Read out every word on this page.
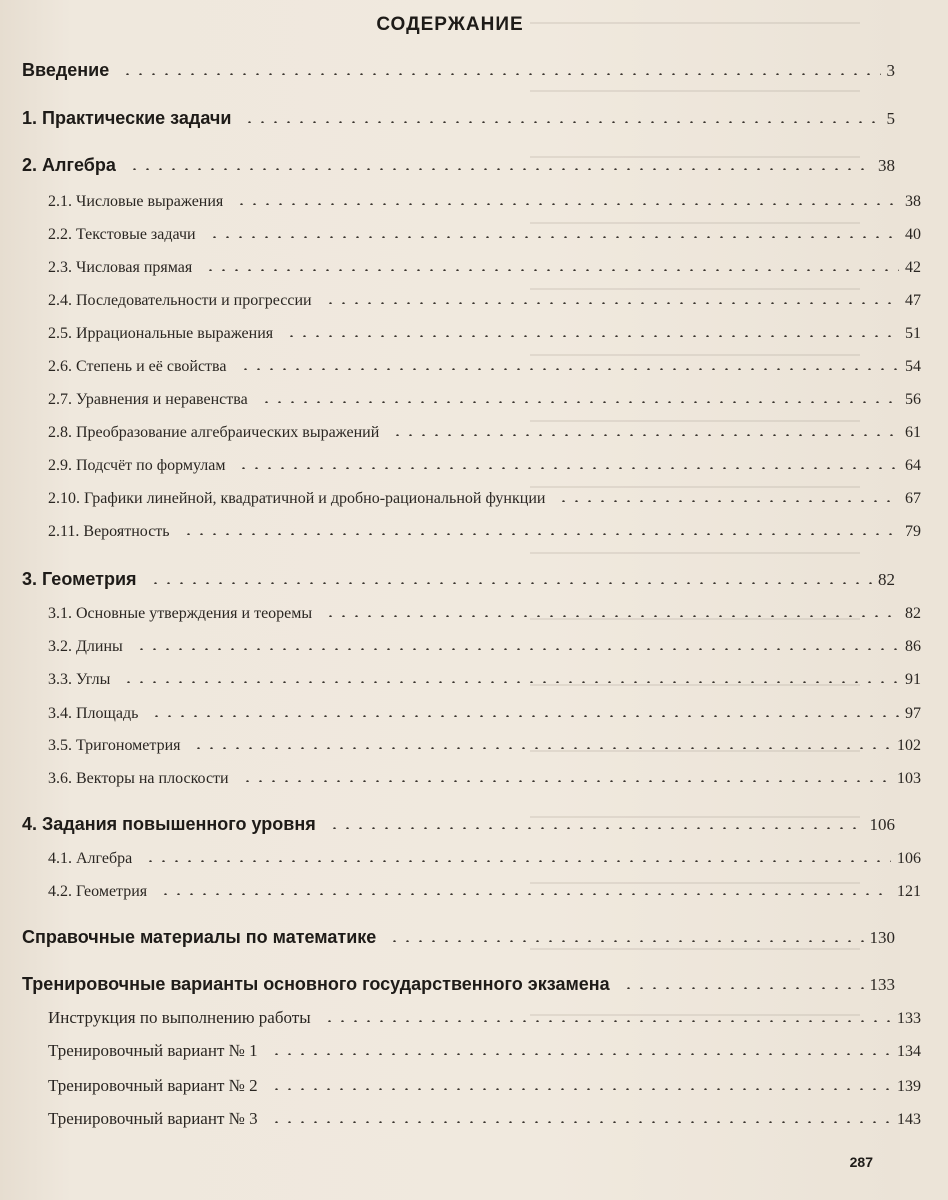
СОДЕРЖАНИЕ
Введение	3
1. Практические задачи	5
2. Алгебра	38
2.1. Числовые выражения	38
2.2. Текстовые задачи	40
2.3. Числовая прямая	42
2.4. Последовательности и прогрессии	47
2.5. Иррациональные выражения	51
2.6. Степень и её свойства	54
2.7. Уравнения и неравенства	56
2.8. Преобразование алгебраических выражений	61
2.9. Подсчёт по формулам	64
2.10. Графики линейной, квадратичной и дробно-рациональной функции	67
2.11. Вероятность	79
3. Геометрия	82
3.1. Основные утверждения и теоремы	82
3.2. Длины	86
3.3. Углы	91
3.4. Площадь	97
3.5. Тригонометрия	102
3.6. Векторы на плоскости	103
4. Задания повышенного уровня	106
4.1. Алгебра	106
4.2. Геометрия	121
Справочные материалы по математике	130
Тренировочные варианты основного государственного экзамена	133
Инструкция по выполнению работы	133
Тренировочный вариант № 1	134
Тренировочный вариант № 2	139
Тренировочный вариант № 3	143
287
